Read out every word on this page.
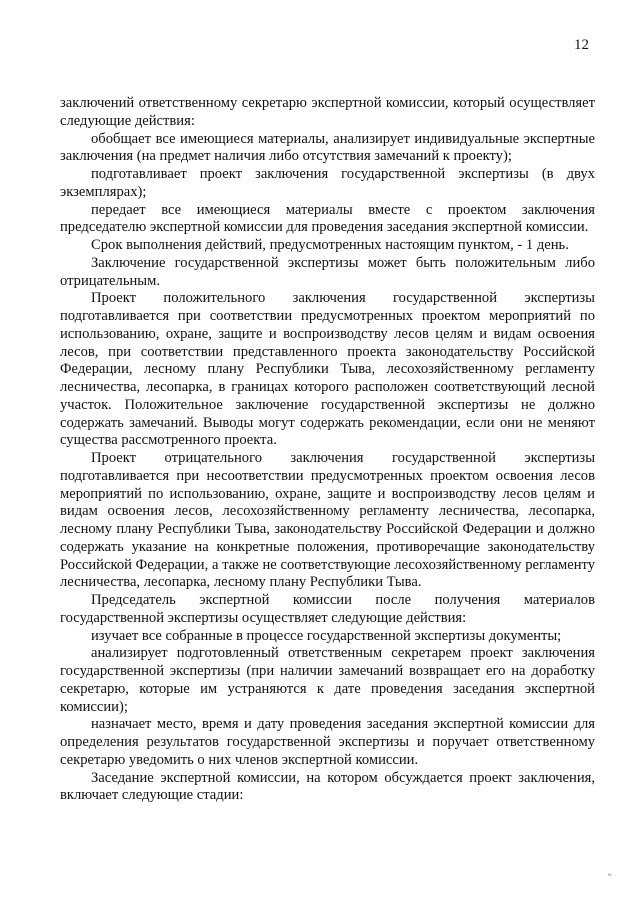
12

заключений ответственному секретарю экспертной комиссии, который осуществляет следующие действия:

обобщает все имеющиеся материалы, анализирует индивидуальные экспертные заключения (на предмет наличия либо отсутствия замечаний к проекту);

подготавливает проект заключения государственной экспертизы (в двух экземплярах);

передает все имеющиеся материалы вместе с проектом заключения председателю экспертной комиссии для проведения заседания экспертной комиссии.

Срок выполнения действий, предусмотренных настоящим пунктом, - 1 день.

Заключение государственной экспертизы может быть положительным либо отрицательным.

Проект положительного заключения государственной экспертизы подготавливается при соответствии предусмотренных проектом мероприятий по использованию, охране, защите и воспроизводству лесов целям и видам освоения лесов, при соответствии представленного проекта законодательству Российской Федерации, лесному плану Республики Тыва, лесохозяйственному регламенту лесничества, лесопарка, в границах которого расположен соответствующий лесной участок. Положительное заключение государственной экспертизы не должно содержать замечаний. Выводы могут содержать рекомендации, если они не меняют существа рассмотренного проекта.

Проект отрицательного заключения государственной экспертизы подготавливается при несоответствии предусмотренных проектом освоения лесов мероприятий по использованию, охране, защите и воспроизводству лесов целям и видам освоения лесов, лесохозяйственному регламенту лесничества, лесопарка, лесному плану Республики Тыва, законодательству Российской Федерации и должно содержать указание на конкретные положения, противоречащие законодательству Российской Федерации, а также не соответствующие лесохозяйственному регламенту лесничества, лесопарка, лесному плану Республики Тыва.

Председатель экспертной комиссии после получения материалов государственной экспертизы осуществляет следующие действия:

изучает все собранные в процессе государственной экспертизы документы;

анализирует подготовленный ответственным секретарем проект заключения государственной экспертизы (при наличии замечаний возвращает его на доработку секретарю, которые им устраняются к дате проведения заседания экспертной комиссии);

назначает место, время и дату проведения заседания экспертной комиссии для определения результатов государственной экспертизы и поручает ответственному секретарю уведомить о них членов экспертной комиссии.

Заседание экспертной комиссии, на котором обсуждается проект заключения, включает следующие стадии:

ᵕ
